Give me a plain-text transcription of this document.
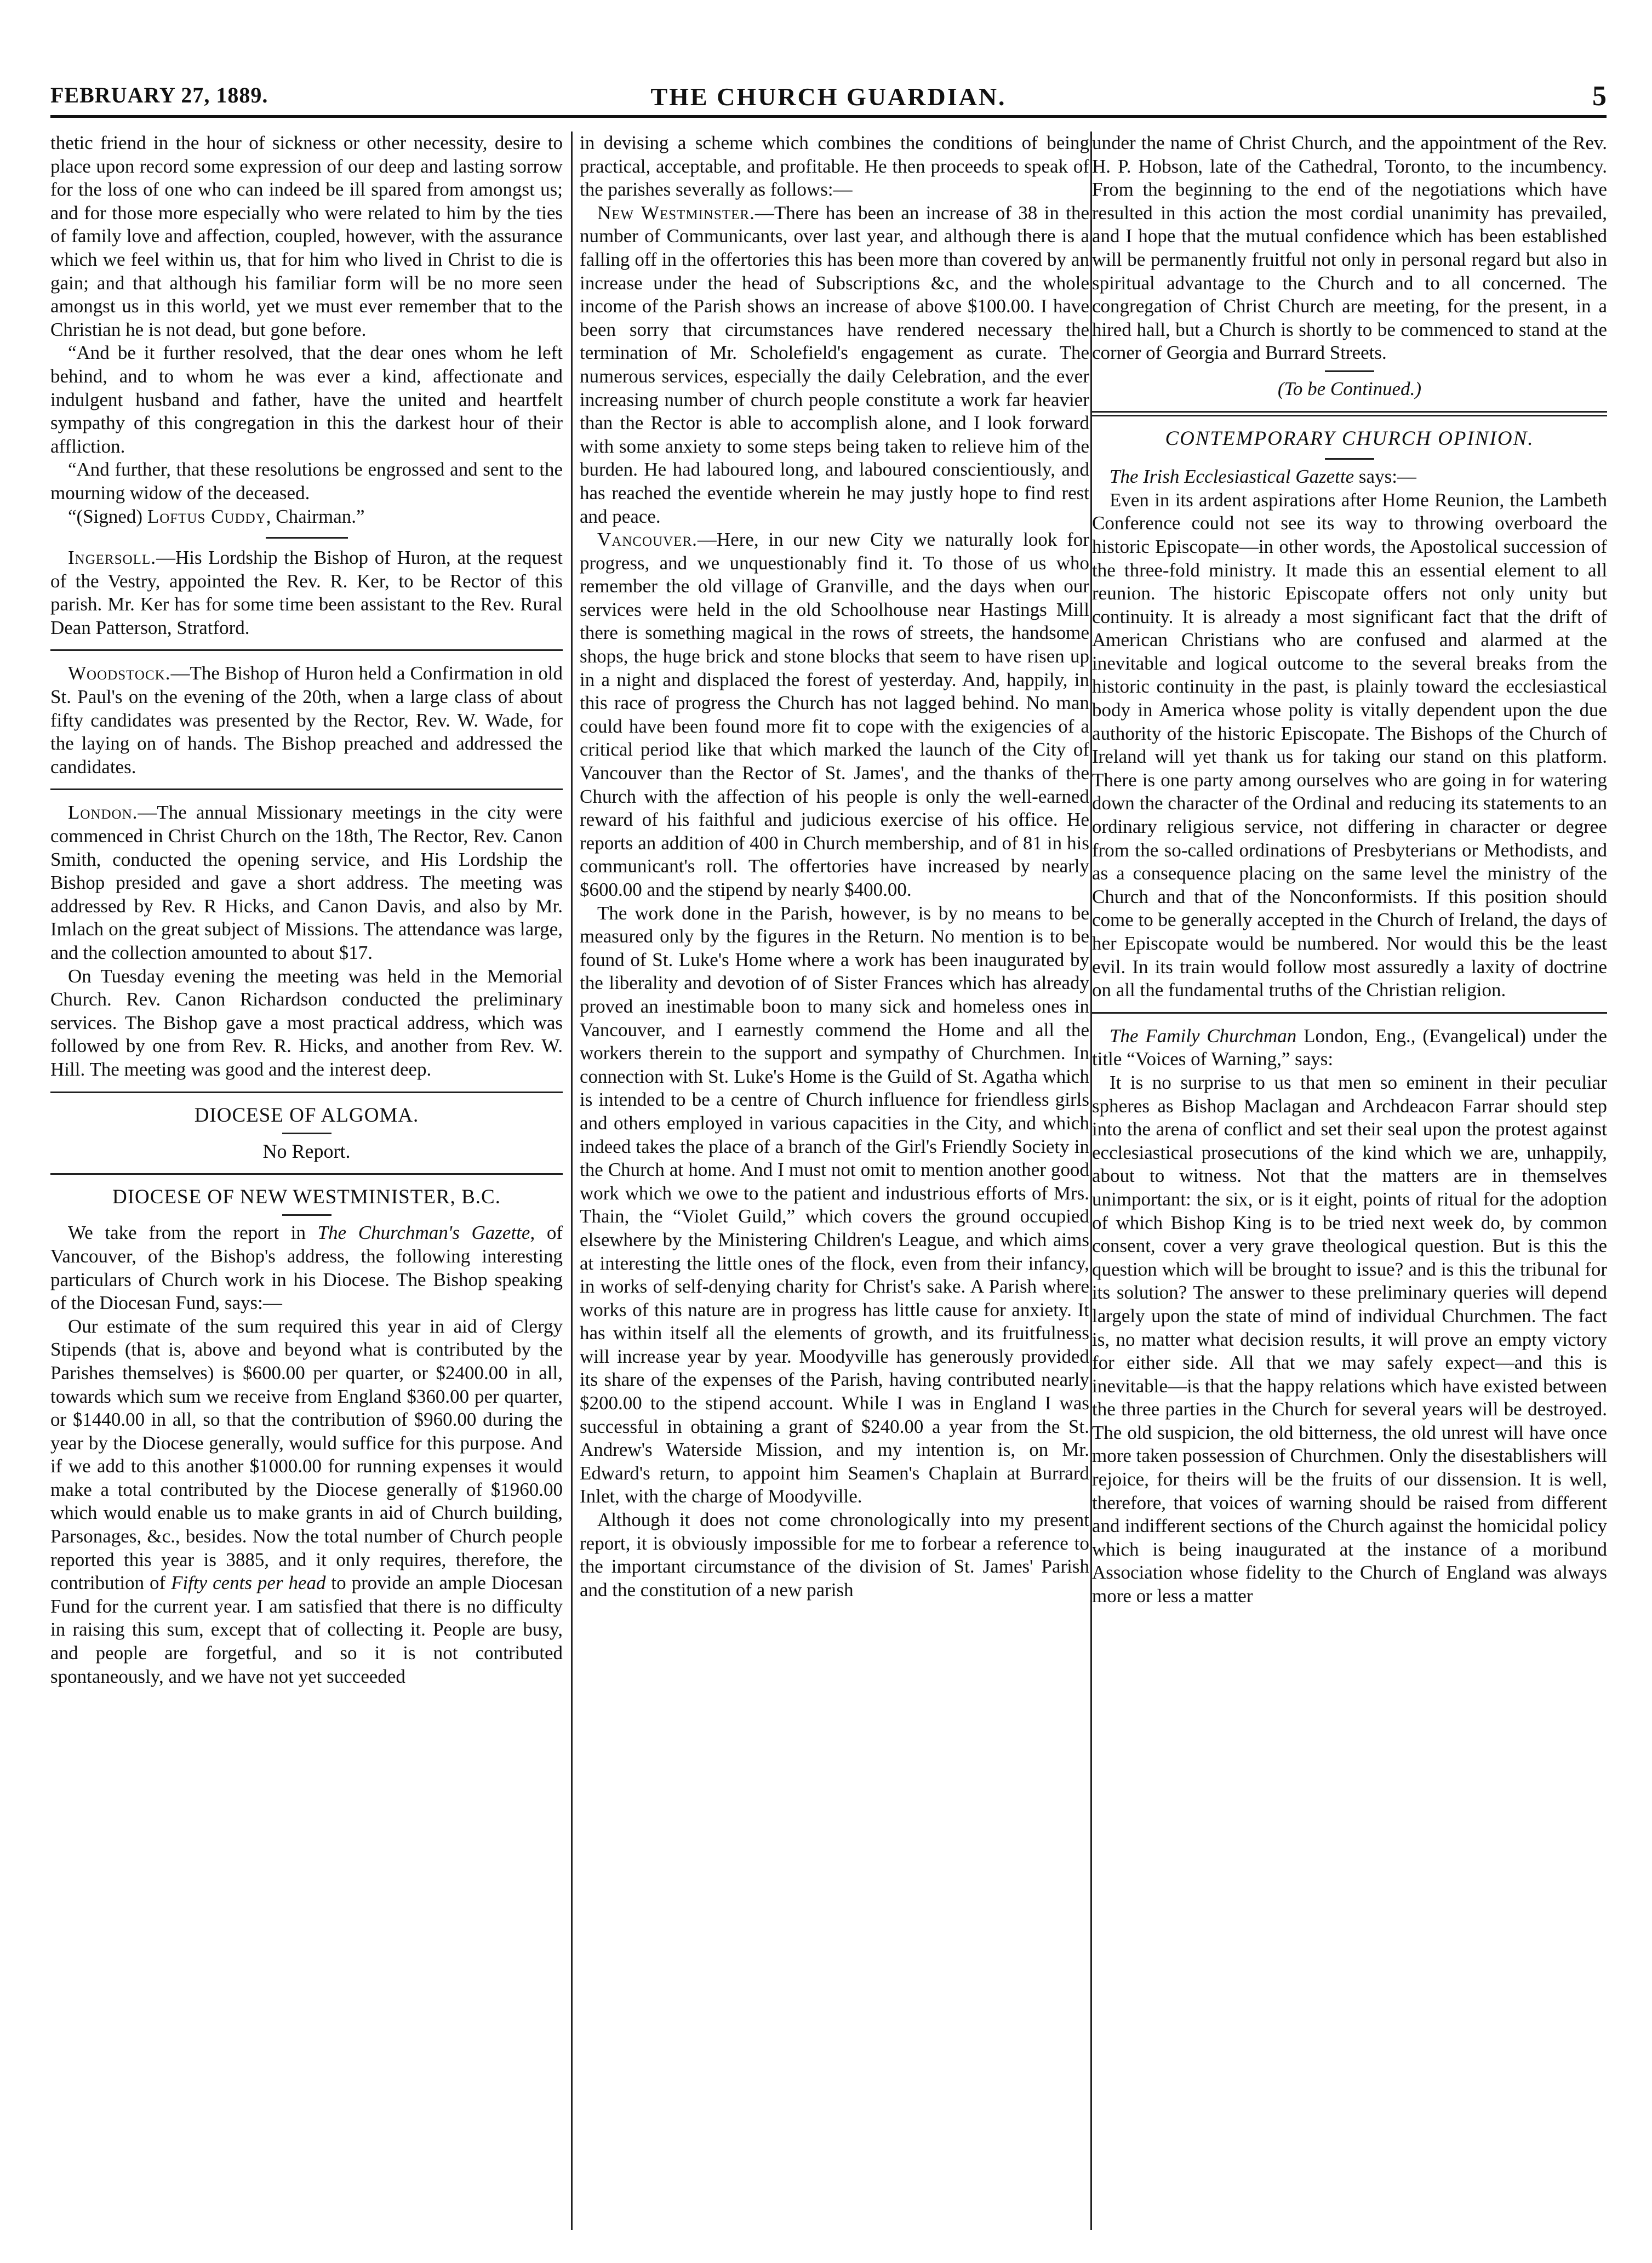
FEBRUARY 27, 1889.	THE CHURCH GUARDIAN.	5

thetic friend in the hour of sickness or other necessity, desire to place upon record some expression of our deep and lasting sorrow for the loss of one who can indeed be ill spared from amongst us; and for those more especially who were related to him by the ties of family love and affection, coupled, however, with the assurance which we feel within us, that for him who lived in Christ to die is gain; and that although his familiar form will be no more seen amongst us in this world, yet we must ever remember that to the Christian he is not dead, but gone before.

“And be it further resolved, that the dear ones whom he left behind, and to whom he was ever a kind, affectionate and indulgent husband and father, have the united and heartfelt sympathy of this congregation in this the darkest hour of their affliction.

“And further, that these resolutions be engrossed and sent to the mourning widow of the deceased.

“(Signed) Loftus Cuddy, Chairman.”

Ingersoll.—His Lordship the Bishop of Huron, at the request of the Vestry, appointed the Rev. R. Ker, to be Rector of this parish. Mr. Ker has for some time been assistant to the Rev. Rural Dean Patterson, Stratford.

Woodstock.—The Bishop of Huron held a Confirmation in old St. Paul's on the evening of the 20th, when a large class of about fifty candidates was presented by the Rector, Rev. W. Wade, for the laying on of hands. The Bishop preached and addressed the candidates.

London.—The annual Missionary meetings in the city were commenced in Christ Church on the 18th, The Rector, Rev. Canon Smith, conducted the opening service, and His Lordship the Bishop presided and gave a short address. The meeting was addressed by Rev. R Hicks, and Canon Davis, and also by Mr. Imlach on the great subject of Missions. The attendance was large, and the collection amounted to about $17.

On Tuesday evening the meeting was held in the Memorial Church. Rev. Canon Richardson conducted the preliminary services. The Bishop gave a most practical address, which was followed by one from Rev. R. Hicks, and another from Rev. W. Hill. The meeting was good and the interest deep.

DIOCESE OF ALGOMA.

No Report.

DIOCESE OF NEW WESTMINISTER, B.C.

We take from the report in The Churchman's Gazette, of Vancouver, of the Bishop's address, the following interesting particulars of Church work in his Diocese. The Bishop speaking of the Diocesan Fund, says:—

Our estimate of the sum required this year in aid of Clergy Stipends (that is, above and beyond what is contributed by the Parishes themselves) is $600.00 per quarter, or $2400.00 in all, towards which sum we receive from England $360.00 per quarter, or $1440.00 in all, so that the contribution of $960.00 during the year by the Diocese generally, would suffice for this purpose. And if we add to this another $1000.00 for running expenses it would make a total contributed by the Diocese generally of $1960.00 which would enable us to make grants in aid of Church building, Parsonages, &c., besides. Now the total number of Church people reported this year is 3885, and it only requires, therefore, the contribution of Fifty cents per head to provide an ample Diocesan Fund for the current year. I am satisfied that there is no difficulty in raising this sum, except that of collecting it. People are busy, and people are forgetful, and so it is not contributed spontaneously, and we have not yet succeeded

in devising a scheme which combines the conditions of being practical, acceptable, and profitable. He then proceeds to speak of the parishes severally as follows:—

New Westminster.—There has been an increase of 38 in the number of Communicants, over last year, and although there is a falling off in the offertories this has been more than covered by an increase under the head of Subscriptions &c, and the whole income of the Parish shows an increase of above $100.00. I have been sorry that circumstances have rendered necessary the termination of Mr. Scholefield's engagement as curate. The numerous services, especially the daily Celebration, and the ever increasing number of church people constitute a work far heavier than the Rector is able to accomplish alone, and I look forward with some anxiety to some steps being taken to relieve him of the burden. He had laboured long, and laboured conscientiously, and has reached the eventide wherein he may justly hope to find rest and peace.

Vancouver.—Here, in our new City we naturally look for progress, and we unquestionably find it. To those of us who remember the old village of Granville, and the days when our services were held in the old Schoolhouse near Hastings Mill there is something magical in the rows of streets, the handsome shops, the huge brick and stone blocks that seem to have risen up in a night and displaced the forest of yesterday. And, happily, in this race of progress the Church has not lagged behind. No man could have been found more fit to cope with the exigencies of a critical period like that which marked the launch of the City of Vancouver than the Rector of St. James', and the thanks of the Church with the affection of his people is only the well-earned reward of his faithful and judicious exercise of his office. He reports an addition of 400 in Church membership, and of 81 in his communicant's roll. The offertories have increased by nearly $600.00 and the stipend by nearly $400.00.

The work done in the Parish, however, is by no means to be measured only by the figures in the Return. No mention is to be found of St. Luke's Home where a work has been inaugurated by the liberality and devotion of of Sister Frances which has already proved an inestimable boon to many sick and homeless ones in Vancouver, and I earnestly commend the Home and all the workers therein to the support and sympathy of Churchmen. In connection with St. Luke's Home is the Guild of St. Agatha which is intended to be a centre of Church influence for friendless girls and others employed in various capacities in the City, and which indeed takes the place of a branch of the Girl's Friendly Society in the Church at home. And I must not omit to mention another good work which we owe to the patient and industrious efforts of Mrs. Thain, the “Violet Guild,” which covers the ground occupied elsewhere by the Ministering Children's League, and which aims at interesting the little ones of the flock, even from their infancy, in works of self-denying charity for Christ's sake. A Parish where works of this nature are in progress has little cause for anxiety. It has within itself all the elements of growth, and its fruitfulness will increase year by year. Moodyville has generously provided its share of the expenses of the Parish, having contributed nearly $200.00 to the stipend account. While I was in England I was successful in obtaining a grant of $240.00 a year from the St. Andrew's Waterside Mission, and my intention is, on Mr. Edward's return, to appoint him Seamen's Chaplain at Burrard Inlet, with the charge of Moodyville.

Although it does not come chronologically into my present report, it is obviously impossible for me to forbear a reference to the important circumstance of the division of St. James' Parish and the constitution of a new parish

under the name of Christ Church, and the appointment of the Rev. H. P. Hobson, late of the Cathedral, Toronto, to the incumbency. From the beginning to the end of the negotiations which have resulted in this action the most cordial unanimity has prevailed, and I hope that the mutual confidence which has been established will be permanently fruitful not only in personal regard but also in spiritual advantage to the Church and to all concerned. The congregation of Christ Church are meeting, for the present, in a hired hall, but a Church is shortly to be commenced to stand at the corner of Georgia and Burrard Streets.

(To be Continued.)

CONTEMPORARY CHURCH OPINION.

The Irish Ecclesiastical Gazette says:—

Even in its ardent aspirations after Home Reunion, the Lambeth Conference could not see its way to throwing overboard the historic Episcopate—in other words, the Apostolical succession of the three-fold ministry. It made this an essential element to all reunion. The historic Episcopate offers not only unity but continuity. It is already a most significant fact that the drift of American Christians who are confused and alarmed at the inevitable and logical outcome to the several breaks from the historic continuity in the past, is plainly toward the ecclesiastical body in America whose polity is vitally dependent upon the due authority of the historic Episcopate. The Bishops of the Church of Ireland will yet thank us for taking our stand on this platform. There is one party among ourselves who are going in for watering down the character of the Ordinal and reducing its statements to an ordinary religious service, not differing in character or degree from the so-called ordinations of Presbyterians or Methodists, and as a consequence placing on the same level the ministry of the Church and that of the Nonconformists. If this position should come to be generally accepted in the Church of Ireland, the days of her Episcopate would be numbered. Nor would this be the least evil. In its train would follow most assuredly a laxity of doctrine on all the fundamental truths of the Christian religion.

The Family Churchman London, Eng., (Evangelical) under the title “Voices of Warning,” says:

It is no surprise to us that men so eminent in their peculiar spheres as Bishop Maclagan and Archdeacon Farrar should step into the arena of conflict and set their seal upon the protest against ecclesiastical prosecutions of the kind which we are, unhappily, about to witness. Not that the matters are in themselves unimportant: the six, or is it eight, points of ritual for the adoption of which Bishop King is to be tried next week do, by common consent, cover a very grave theological question. But is this the question which will be brought to issue? and is this the tribunal for its solution? The answer to these preliminary queries will depend largely upon the state of mind of individual Churchmen. The fact is, no matter what decision results, it will prove an empty victory for either side. All that we may safely expect—and this is inevitable—is that the happy relations which have existed between the three parties in the Church for several years will be destroyed. The old suspicion, the old bitterness, the old unrest will have once more taken possession of Churchmen. Only the disestablishers will rejoice, for theirs will be the fruits of our dissension. It is well, therefore, that voices of warning should be raised from different and indifferent sections of the Church against the homicidal policy which is being inaugurated at the instance of a moribund Association whose fidelity to the Church of England was always more or less a matter
